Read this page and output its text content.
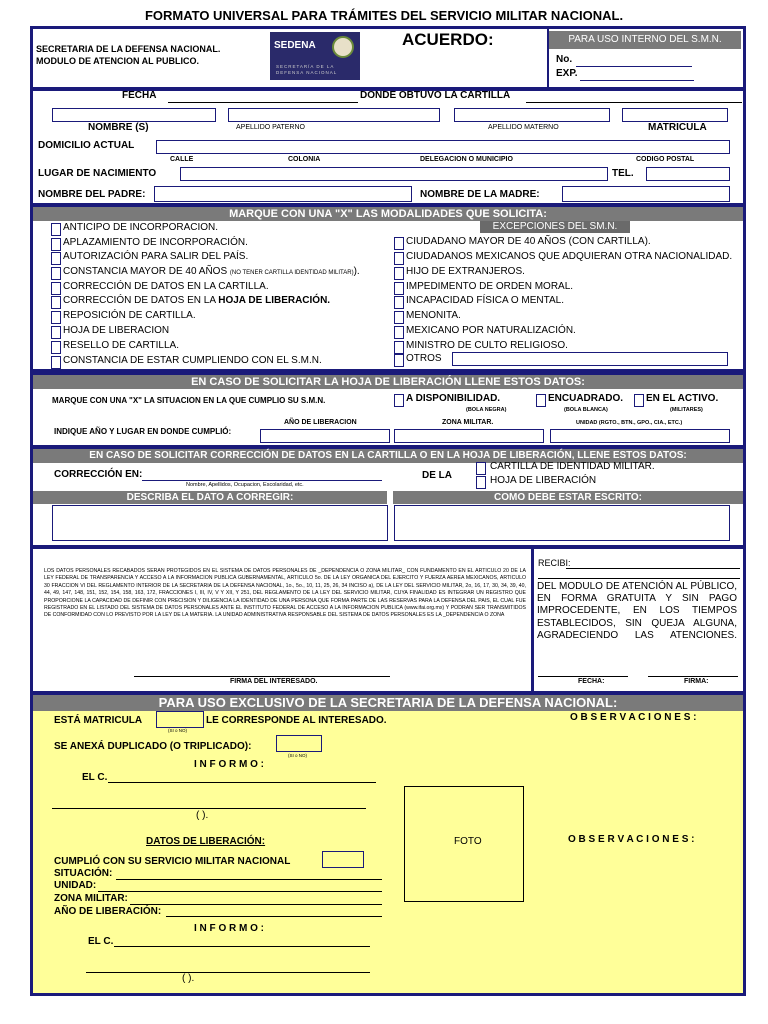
FORMATO UNIVERSAL PARA TRÁMITES DEL SERVICIO MILITAR NACIONAL.
SECRETARIA DE LA DEFENSA NACIONAL.
MODULO DE ATENCION AL PUBLICO.
SEDENA
SECRETARÍA DE LA
DEFENSA NACIONAL
ACUERDO:	PARA USO INTERNO DEL S.M.N.
No.
EXP.
FECHA	DONDE OBTUVO LA CARTILLA
NOMBRE (S)	APELLIDO PATERNO	APELLIDO MATERNO	MATRICULA
DOMICILIO ACTUAL
CALLE	COLONIA	DELEGACION O MUNICIPIO	CODIGO POSTAL
LUGAR DE NACIMIENTO	TEL.
NOMBRE DEL PADRE:	NOMBRE DE LA MADRE:
MARQUE CON UNA "X" LAS MODALIDADES QUE SOLICITA:
EXCEPCIONES DEL SM.N.
ANTICIPO DE INCORPORACION.
APLAZAMIENTO DE INCORPORACIÓN.
AUTORIZACIÓN PARA SALIR DEL PAÍS.
CONSTANCIA MAYOR DE 40 AÑOS (NO TENER CARTILLA IDENTIDAD MILITAR)).
CORRECCIÓN DE DATOS EN LA CARTILLA.
CORRECCIÓN DE DATOS EN LA HOJA DE LIBERACIÓN.
REPOSICIÓN DE CARTILLA.
HOJA DE LIBERACION
RESELLO DE CARTILLA.
CONSTANCIA DE ESTAR CUMPLIENDO CON EL S.M.N.
CIUDADANO MAYOR DE 40 AÑOS (CON CARTILLA).
CIUDADANOS MEXICANOS QUE ADQUIERAN OTRA NACIONALIDAD.
HIJO DE EXTRANJEROS.
IMPEDIMENTO DE ORDEN MORAL.
INCAPACIDAD FÍSICA O MENTAL.
MENONITA.
MEXICANO POR NATURALIZACIÓN.
MINISTRO DE CULTO RELIGIOSO.
OTROS
EN CASO DE SOLICITAR LA HOJA DE LIBERACIÓN LLENE ESTOS DATOS:
MARQUE CON UNA "X" LA SITUACION EN LA QUE CUMPLIO SU S.M.N.	A DISPONIBILIDAD.
(BOLA NEGRA)
ENCUADRADO.
(BOLA BLANCA)
EN EL ACTIVO.
(MILITARES)
INDIQUE AÑO Y LUGAR EN DONDE CUMPLIÓ:
AÑO DE LIBERACION	ZONA MILITAR.	UNIDAD (RGTO., BTN., GPO., CIA., ETC.)
EN CASO DE SOLICITAR CORRECCIÓN DE DATOS EN LA CARTILLA O EN LA HOJA DE LIBERACIÓN, LLENE ESTOS DATOS:
CORRECCIÓN EN:
Nombre, Apellidos, Ocupacion, Escolaridad, etc.
DE LA
CARTILLA DE IDENTIDAD MILITAR.
HOJA DE LIBERACIÓN
DESCRIBA EL DATO A CORREGIR:	COMO DEBE ESTAR ESCRITO:
LOS DATOS PERSONALES RECABADOS SERAN PROTEGIDOS EN EL SISTEMA DE DATOS PERSONALES DE _DEPENDENCIA O ZONA MILITAR_ CON FUNDAMENTO EN EL ARTICULO 20 DE LA LEY FEDERAL DE TRANSPARENCIA Y ACCESO A LA INFORMACION PUBLICA GUBERNAMENTAL, ARTICULO 5o. DE LA LEY ORGANICA DEL EJERCITO Y FUERZA AEREA MEXICANOS, ARTICULO 30 FRACCION VI DEL REGLAMENTO INTERIOR DE LA SECRETARIA DE LA DEFENSA NACIONAL, 1o., 5o., 10, 11, 25, 26, 34 INCISO a), DE LA LEY DEL SERVICIO MILITAR, 2o, 16, 17, 30, 34, 39, 40, 44, 49, 147, 148, 151, 152, 154, 158, 163, 172, FRACCIONES I, III, IV, V Y XII, Y 251, DEL REGLAMENTO DE LA LEY DEL SERVICIO MILITAR, CUYA FINALIDAD ES INTEGRAR UN REGISTRO QUE PROPORCIONE LA CAPACIDAD DE DEFINIR CON PRECISION Y DILIGENCIA LA IDENTIDAD DE UNA PERSONA QUE FORMA PARTE DE LAS RESERVAS PARA LA DEFENSA DEL PAIS, EL CUAL FUE REGISTRADO EN EL LISTADO DEL SISTEMA DE DATOS PERSONALES ANTE EL INSTITUTO FEDERAL DE ACCESO A LA INFORMACION PUBLICA (www.ifai.org.mx) Y PODRAN SER TRANSMITIDOS DE CONFORMIDAD CON LO PREVISTO POR LA LEY DE LA MATERIA. LA UNIDAD ADMINISTRATIVA RESPONSABLE DEL SISTEMA DE DATOS PERSONALES ES LA _DEPENDENCIA O ZONA
FIRMA DEL INTERESADO.
RECIBI:
DEL MODULO DE ATENCIÓN AL PÚBLICO, EN FORMA GRATUITA Y SIN PAGO IMPROCEDENTE, EN LOS TIEMPOS ESTABLECIDOS, SIN QUEJA ALGUNA, AGRADECIENDO LAS ATENCIONES.
FECHA:	FIRMA:
PARA USO EXCLUSIVO DE LA SECRETARIA DE LA DEFENSA NACIONAL:
ESTÁ MATRICULA
(SI o NO)
LE CORRESPONDE AL INTERESADO.
SE ANEXÁ DUPLICADO (O TRIPLICADO):
(SI o NO)
I N F O R M O :
EL C.
( ).
DATOS DE LIBERACIÓN:
CUMPLIÓ CON SU SERVICIO MILITAR NACIONAL
SITUACIÓN:
UNIDAD:
ZONA MILITAR:
AÑO DE LIBERACIÓN:
I N F O R M O :
EL C.
( ).
FOTO
O B S E R V A C I O N E S :
O B S E R V A C I O N E S :
